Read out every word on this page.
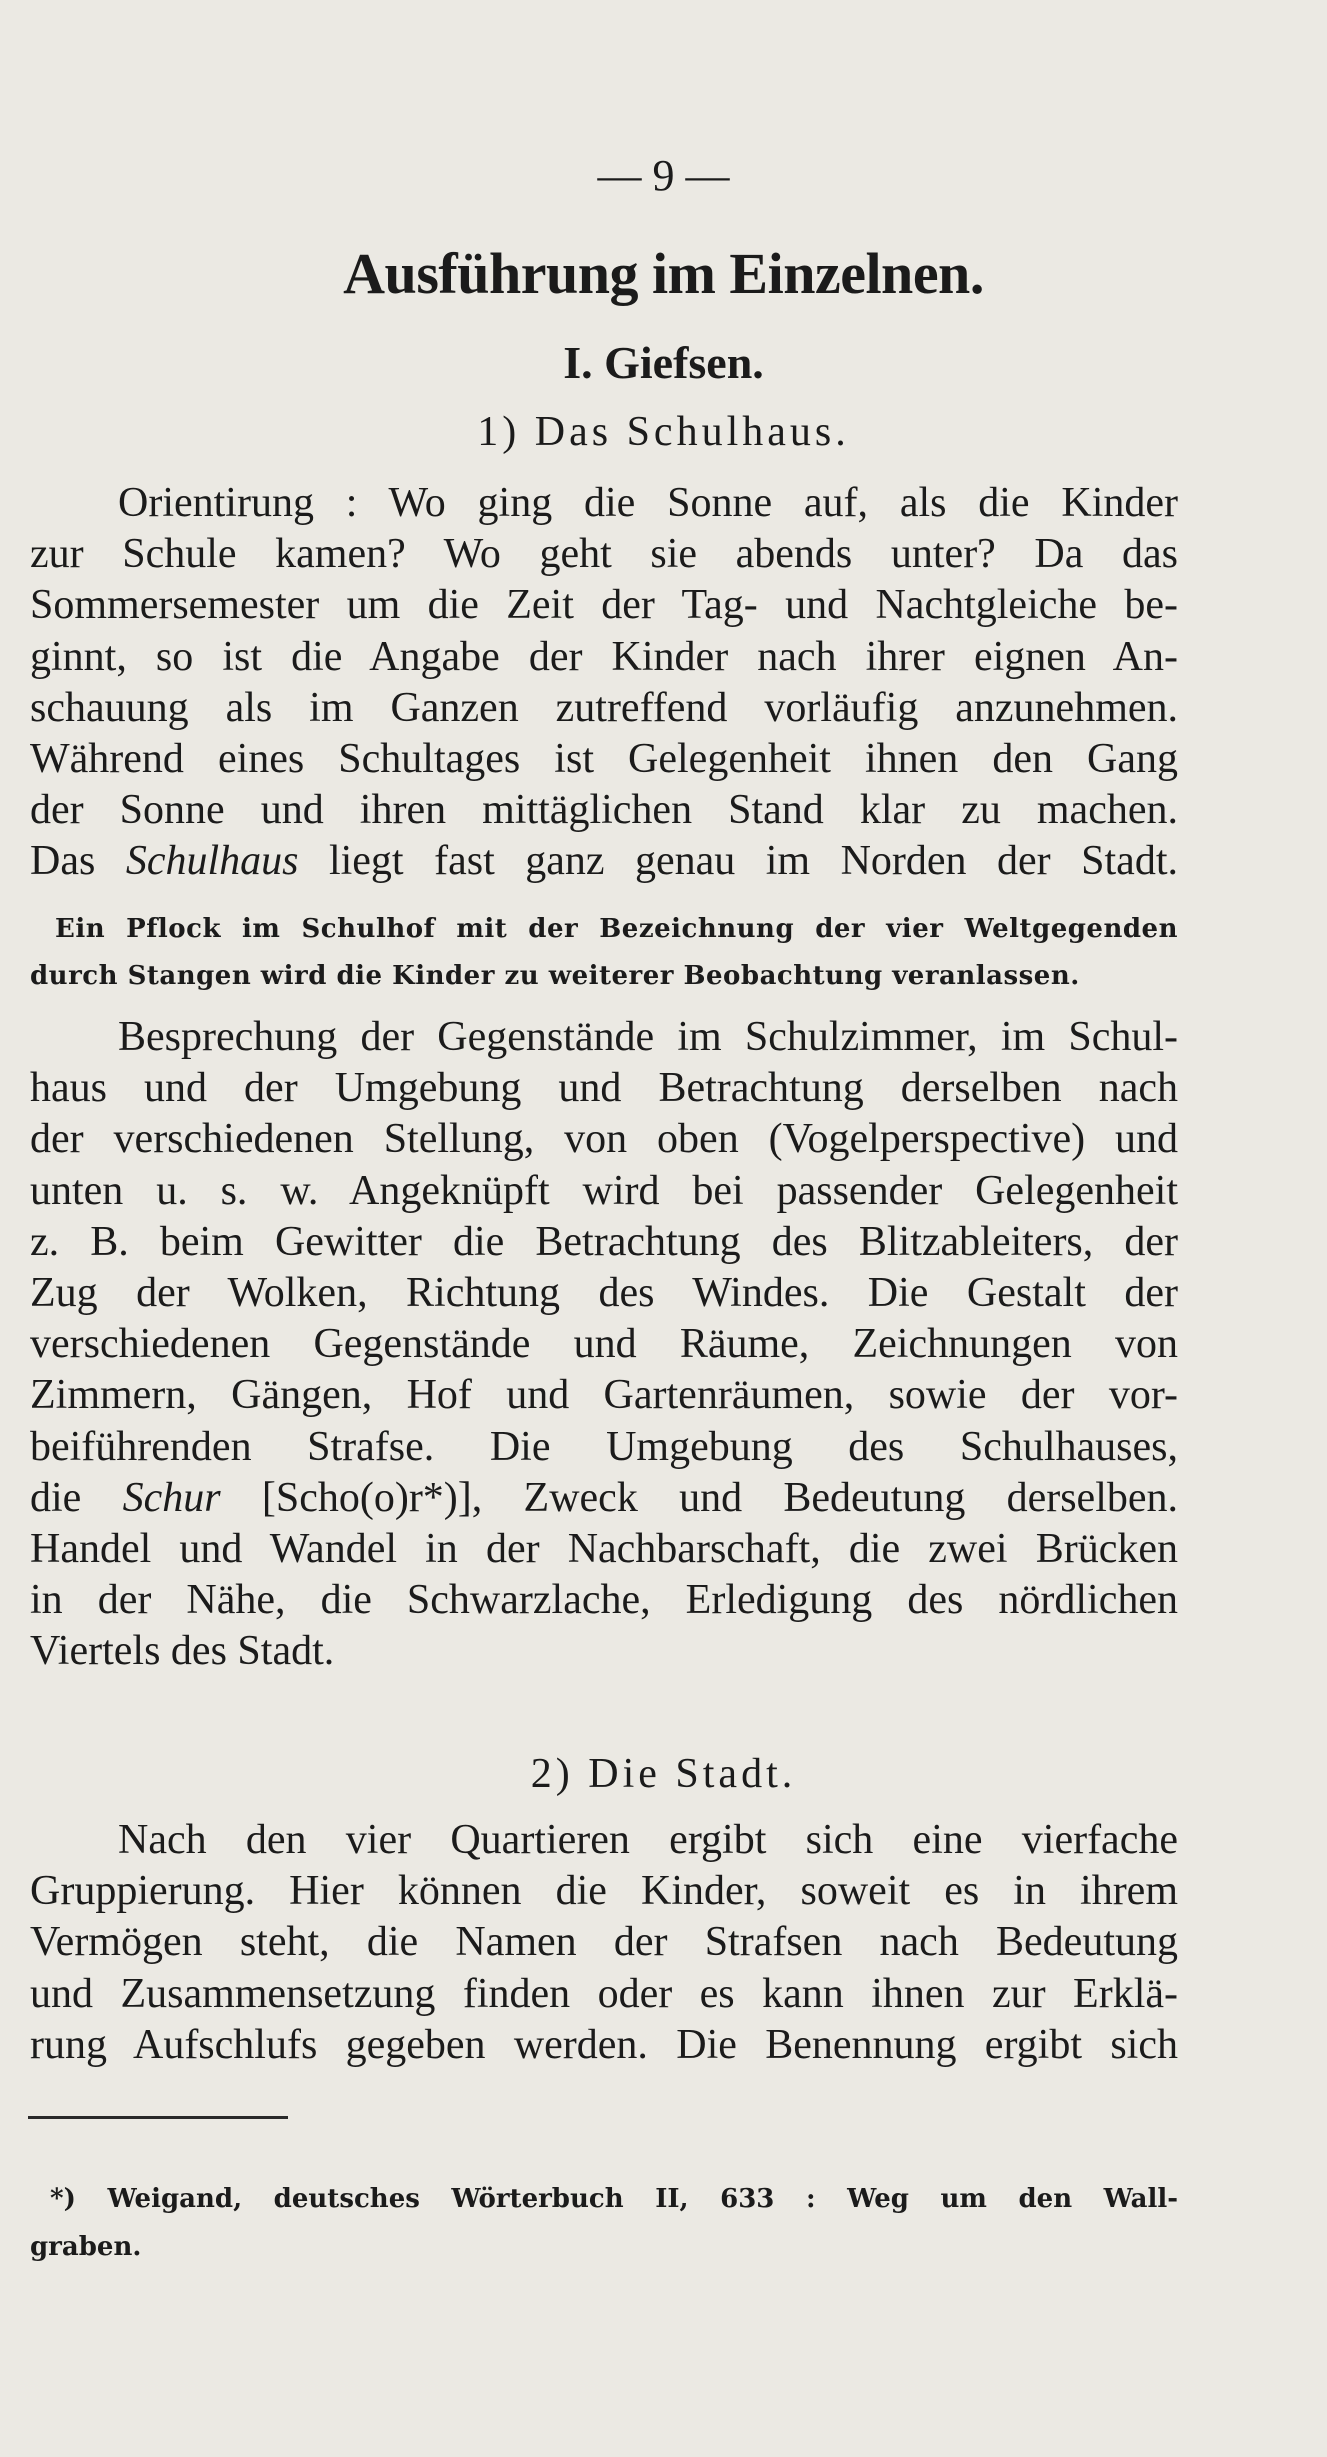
— 9 —
Ausführung im Einzelnen.
I. Giefsen.
1) Das Schulhaus.
Orientirung : Wo ging die Sonne auf, als die Kinder
zur Schule kamen? Wo geht sie abends unter? Da das
Sommersemester um die Zeit der Tag- und Nachtgleiche be-
ginnt, so ist die Angabe der Kinder nach ihrer eignen An-
schauung als im Ganzen zutreffend vorläufig anzunehmen.
Während eines Schultages ist Gelegenheit ihnen den Gang
der Sonne und ihren mittäglichen Stand klar zu machen.
Das Schulhaus liegt fast ganz genau im Norden der Stadt.
Ein Pflock im Schulhof mit der Bezeichnung der vier Weltgegenden
durch Stangen wird die Kinder zu weiterer Beobachtung veranlassen.
Besprechung der Gegenstände im Schulzimmer, im Schul-
haus und der Umgebung und Betrachtung derselben nach
der verschiedenen Stellung, von oben (Vogelperspective) und
unten u. s. w. Angeknüpft wird bei passender Gelegenheit
z. B. beim Gewitter die Betrachtung des Blitzableiters, der
Zug der Wolken, Richtung des Windes. Die Gestalt der
verschiedenen Gegenstände und Räume, Zeichnungen von
Zimmern, Gängen, Hof und Gartenräumen, sowie der vor-
beiführenden Strafse. Die Umgebung des Schulhauses,
die Schur [Scho(o)r*)], Zweck und Bedeutung derselben.
Handel und Wandel in der Nachbarschaft, die zwei Brücken
in der Nähe, die Schwarzlache, Erledigung des nördlichen
Viertels des Stadt.
2) Die Stadt.
Nach den vier Quartieren ergibt sich eine vierfache
Gruppierung. Hier können die Kinder, soweit es in ihrem
Vermögen steht, die Namen der Strafsen nach Bedeutung
und Zusammensetzung finden oder es kann ihnen zur Erklä-
rung Aufschlufs gegeben werden. Die Benennung ergibt sich
*) Weigand, deutsches Wörterbuch II, 633 : Weg um den Wall-
graben.
